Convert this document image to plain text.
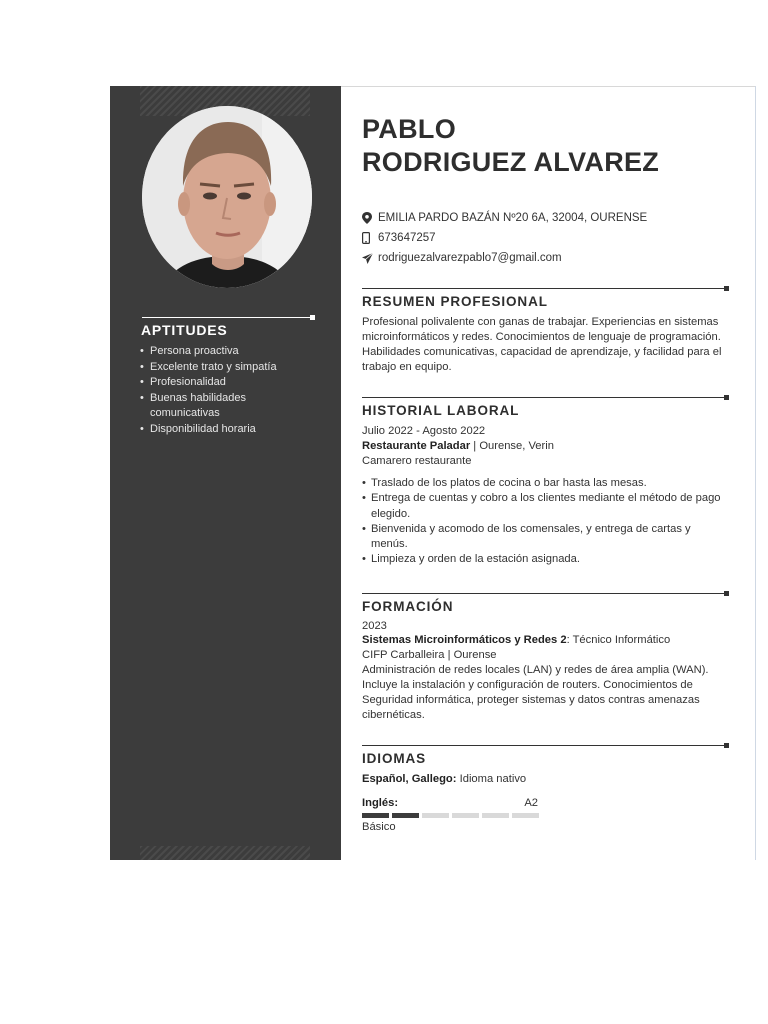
APTITUDES
• Persona proactiva
• Excelente trato y simpatía
• Profesionalidad
• Buenas habilidades comunicativas
• Disponibilidad horaria
PABLO
RODRIGUEZ ALVAREZ
EMILIA PARDO BAZÁN Nº20 6A, 32004, OURENSE
673647257
rodriguezalvarezpablo7@gmail.com
RESUMEN PROFESIONAL

Profesional polivalente con ganas de trabajar. Experiencias en sistemas microinformáticos y redes. Conocimientos de lenguaje de programación. Habilidades comunicativas, capacidad de aprendizaje, y facilidad para el trabajo en equipo.

HISTORIAL LABORAL
Julio 2022 - Agosto 2022
Restaurante Paladar | Ourense, Verin
Camarero restaurante
• Traslado de los platos de cocina o bar hasta las mesas.
• Entrega de cuentas y cobro a los clientes mediante el método de pago elegido.
• Bienvenida y acomodo de los comensales, y entrega de cartas y menús.
• Limpieza y orden de la estación asignada.
FORMACIÓN
2023
Sistemas Microinformáticos y Redes 2: Técnico Informático
CIFP Carballeira | Ourense

Administración de redes locales (LAN) y redes de área amplia (WAN). Incluye la instalación y configuración de routers. Conocimientos de Seguridad informática, proteger sistemas y datos contras amenazas cibernéticas.

IDIOMAS
Español, Gallego: Idioma nativo
Inglés:	A2
Básico
